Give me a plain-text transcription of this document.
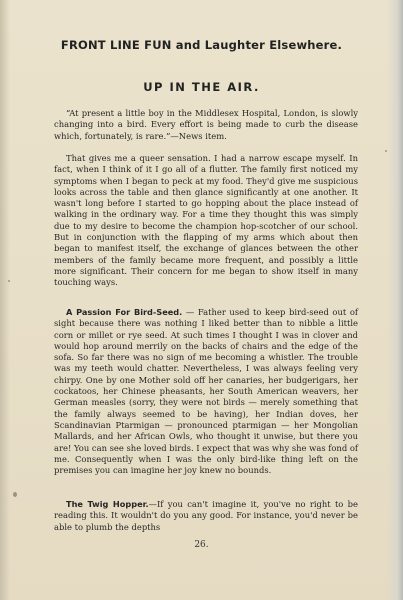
FRONT LINE FUN and Laughter Elsewhere.
UP IN THE AIR.

“At present a little boy in the Middlesex Hospital, London, is slowly changing into a bird. Every effort is being made to curb the disease which, fortunately, is rare.”—News item.

That gives me a queer sensation. I had a narrow escape myself. In fact, when I think of it I go all of a flutter. The family first noticed my symptoms when I began to peck at my food. They'd give me suspicious looks across the table and then glance significantly at one another. It wasn't long before I started to go hopping about the place instead of walking in the ordinary way. For a time they thought this was simply due to my desire to become the champion hop-scotcher of our school. But in conjunction with the flapping of my arms which about then began to manifest itself, the exchange of glances between the other members of the family became more frequent, and possibly a little more significant. Their concern for me began to show itself in many touching ways.

A Passion For Bird-Seed. — Father used to keep bird-seed out of sight because there was nothing I liked better than to nibble a little corn or millet or rye seed. At such times I thought I was in clover and would hop around merrily on the backs of chairs and the edge of the sofa. So far there was no sign of me becoming a whistler. The trouble was my teeth would chatter. Nevertheless, I was always feeling very chirpy. One by one Mother sold off her canaries, her budgerigars, her cockatoos, her Chinese pheasants, her South American weavers, her German measles (sorry, they were not birds — merely something that the family always seemed to be having), her Indian doves, her Scandinavian Ptarmigan — pronounced ptarmigan — her Mongolian Mallards, and her African Owls, who thought it unwise, but there you are! You can see she loved birds. I expect that was why she was fond of me. Consequently when I was the only bird-like thing left on the premises you can imagine her joy knew no bounds.

The Twig Hopper.—If you can't imagine it, you've no right to be reading this. It wouldn't do you any good. For instance, you'd never be able to plumb the depths

26.
